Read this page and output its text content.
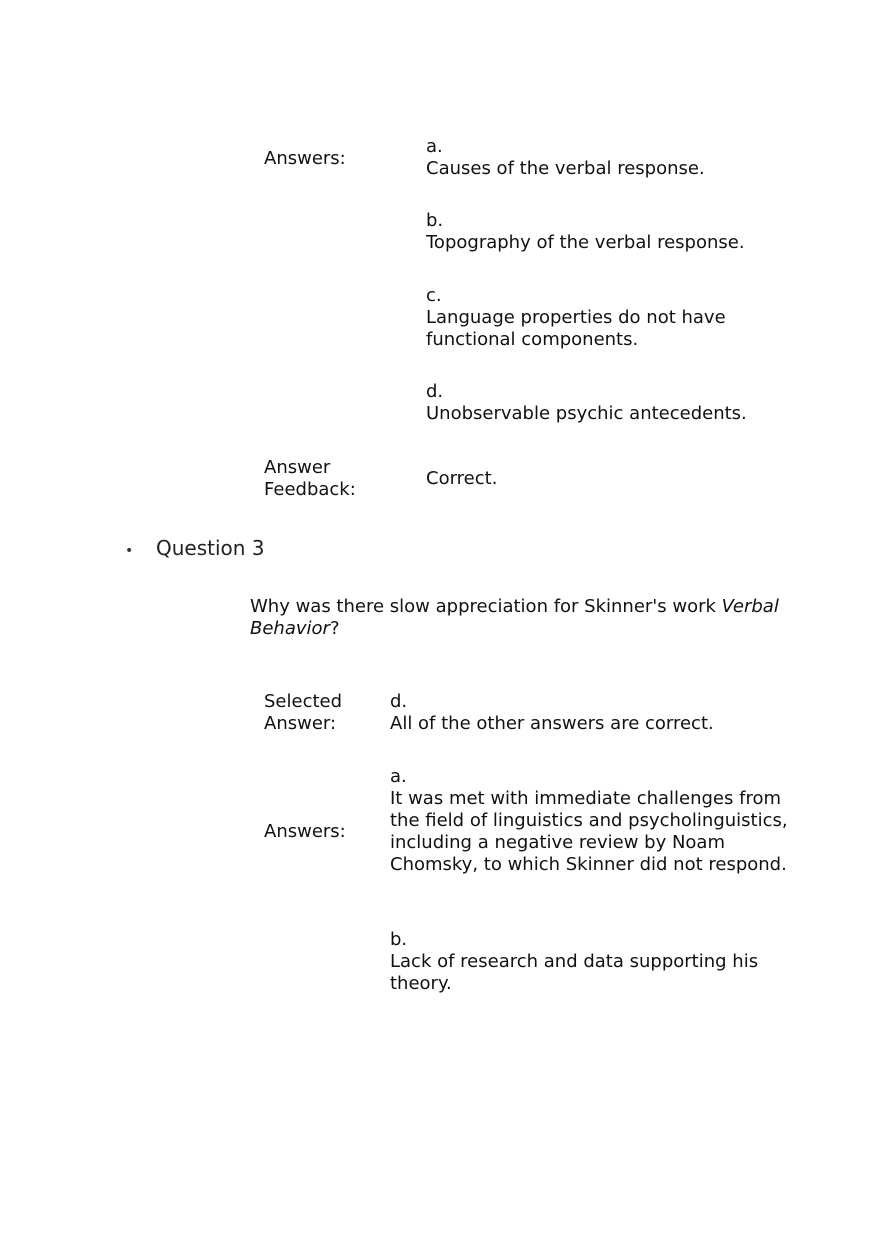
Answers:
a.
Causes of the verbal response.
b.
Topography of the verbal response.
c.
Language properties do not have functional components.
d.
Unobservable psychic antecedents.
Answer Feedback:
Correct.
• Question 3
Why was there slow appreciation for Skinner's work Verbal Behavior?
Selected Answer:
d.
All of the other answers are correct.
Answers:
a.
It was met with immediate challenges from the field of linguistics and psycholinguistics, including a negative review by Noam Chomsky, to which Skinner did not respond.
b.
Lack of research and data supporting his theory.
